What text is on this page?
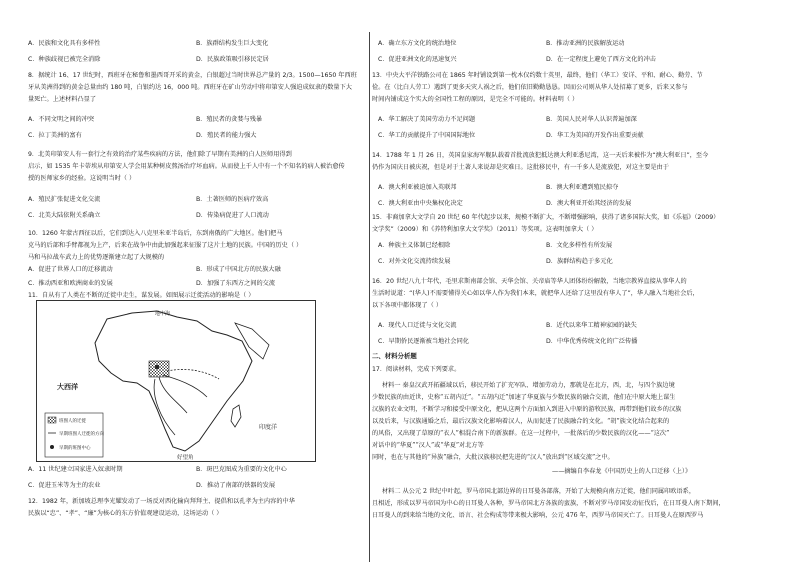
A．民族和文化具有多样性	B．族群结构发生巨大变化
C．种族歧视已被完全消除	D．民族政策吸引移民定居
8．据统计 16、17 世纪时，西班牙在秘鲁和墨西哥开采的黄金，白银超过当时世界总产量的 2/3。1500—1650 年西班
牙从美洲得到的黄金总量由约 180 吨，白银约达 16，000 吨。西班牙在矿山劳动中将印第安人强迫成奴隶的数量下大
量死亡。上述材料凸显了
A．不同文明之间的冲突	B．殖民者的贪婪与残暴
C．拉丁美洲的富有	D．殖民者的能力强大
9．北美印第安人有一套行之有效的治疗某些疾病的方法，他们除了早期有美洲的白人医师用得到
启示，如 1535 年卡蒂埃从印第安人学会用某种树皮熬汤治疗坏血病。从而使上千人中有一个不知名的病人被治愈传
授的医师家乡的经验。这说明当时（ ）
A．殖民扩张促进文化交流	B．土著医师的医病疗效高
C．北美大陆依附关系确立	D．传染病促进了人口流动
10．1260 年蒙古西征以后，它们到达入八克里米亚半岛后，东到南俄的广大地区。他们把马
克马的后部和手臂都视为上产，后来在战争中由此加强起来征服了这片土地的民族。中国的历史（ ）
马和马拉战车武力上的优势逐渐建立起了大规模的
A．促进了世界人口的迁移流动	B．形成了中国北方的民族大融
C．推动西亚和欧洲商业的发展	D．加强了东西方之间的交流
11．自从有了人类在不断的迁徙中走生，谋发展。如图展示迁徙活动的影响是（ ）
地中海
大西洋
印度洋
好望角
班图人的迁徙
早期班图人迁徙的方向
早期的班图中心
A．11 世纪建立国家进入奴隶时期	B．斑巴克图成为重要的文化中心
C．促进玉米等为主的农业	D．推动了南部的铁器的发展
12．1982 年，新加坡总理李光耀发动了一场反对西化输向拜拜主、提倡和以孔孝为主内容的中华
民族以“忠”、“孝”、“廉”为核心的东方价值观建设运动，这场运动（ ）
A．确立东方文化的统治地位	B．推动亚洲的民族解放运动
C．促进亚洲文化的迅速复兴	D．在一定程度上避免了西方文化的冲击
13．中央大平洋铁路公司在 1865 年时铺设到第一枕木仅约数十英里，最终，他们（华工）安详、平和、耐心、勤劳、节
俭。在（比白人劳工）遇到了更多天灾人祸之后，他们依旧勤勤恳恳。因而公司则从华人处招募了更多，后来又参与
时间内铺成这个实大的全国性工程的原因，是完全不可能的。材料表明（ ）
A．华工解决了美国劳动力不足问题	B．美国人民对华人认识普遍加深
C．华工的贡献提升了中国国际地位	D．华工为美国的开发作出重要贡献
14．1788 年 1 月 26 日，英国皇家海军舰队载着首批流放犯抵达澳大利亚悉尼湾，这一天后来被作为“澳大利亚日”，至今
仍作为国庆日被庆祝，但是对于土著人来说却是灾难日。这批移民中，有一千多人是流放犯，对这主要是由于
A．澳大利亚被迫加入英联邦	B．澳大利亚遭到殖民掠夺
C．澳大利亚由中央集权化决定	D．澳大利亚开始其经济的发展
15．非裔加拿大文学自 20 世纪 60 年代起步以来，规模不断扩大，不断增强影响，获得了诸多国际大奖，如《乐福》（2009）
文学奖”（2009）和《养特利加拿大文学奖》（2011）等奖项。这表明加拿大（ ）
A．种族主义体制已经根除	B．文化多样性有所发展
C．对外文化交流持续发展	D．族群结构趋于多元化
16．20 世纪八九十年代，毛里求斯南部会馆、天华会馆、关帝庙等华人团体纷纷解散，当地宗教界直接从事华人的
生活时说道：“(华人)不需要懂得关心如以华人作为我们本来，就把华人还给了这里没有华人了”，华人融入当地社会后，
以下各项中都体现了（ ）
A．现代人口迁徙与文化交流	B．近代以来华工精神家园的缺失
C．早期侨民逐渐被当地社会同化	D．中华优秀传统文化的广泛传播
二、材料分析题
17．阅读材料，完成下列要求。
材料一 秦皇汉武开拓疆域以后，移民开始了扩充军队、增加劳动力，那就是在北方，西，北，与四个族边境
少数民族的由近世，史称“五胡内迁”。“五胡内迁”加速了华夏族与少数民族的融合交流，他们在中原大地上谋生
汉族的农业文明，不断学习和接受中原文化，把从这两个方面加入到进入中原的游牧民族，再带到他们故乡的汉族
以及后来，与汉族通婚之后，最后汉族文化影响着汉人，从而促进了民族融合的文化。“胡”族文化结合起来的
的风俗，又出现了草原的“衣人”相混合南下的新族群。在这一过程中，一批落后的少数民族的汉化——“这次”
对话中的“华夏”“汉人”或“华夏”对北方等
同时，也在与其他的“异族”融合，大批汉族移民把先进的“汉人”放出到“区域交流”之中。
——摘编自李春龙《中国历史上的人口迁移（上）》
材料二 从公元 2 世纪中叶起，罗马帝国北部边界的日耳曼各部落，开始了大规模向南方迁徙，他们同属印欧语系，
且相近，形成以罗马帝国为中心的日耳曼人各种，罗马帝国北方各族的蛮族，不断对罗马帝国发动征伐后，在日耳曼人南下期间，
日耳曼人的到来给当地的文化、语言、社会构成等带来极大影响，公元 476 年，西罗马帝国灭亡了。日耳曼人在原西罗马
